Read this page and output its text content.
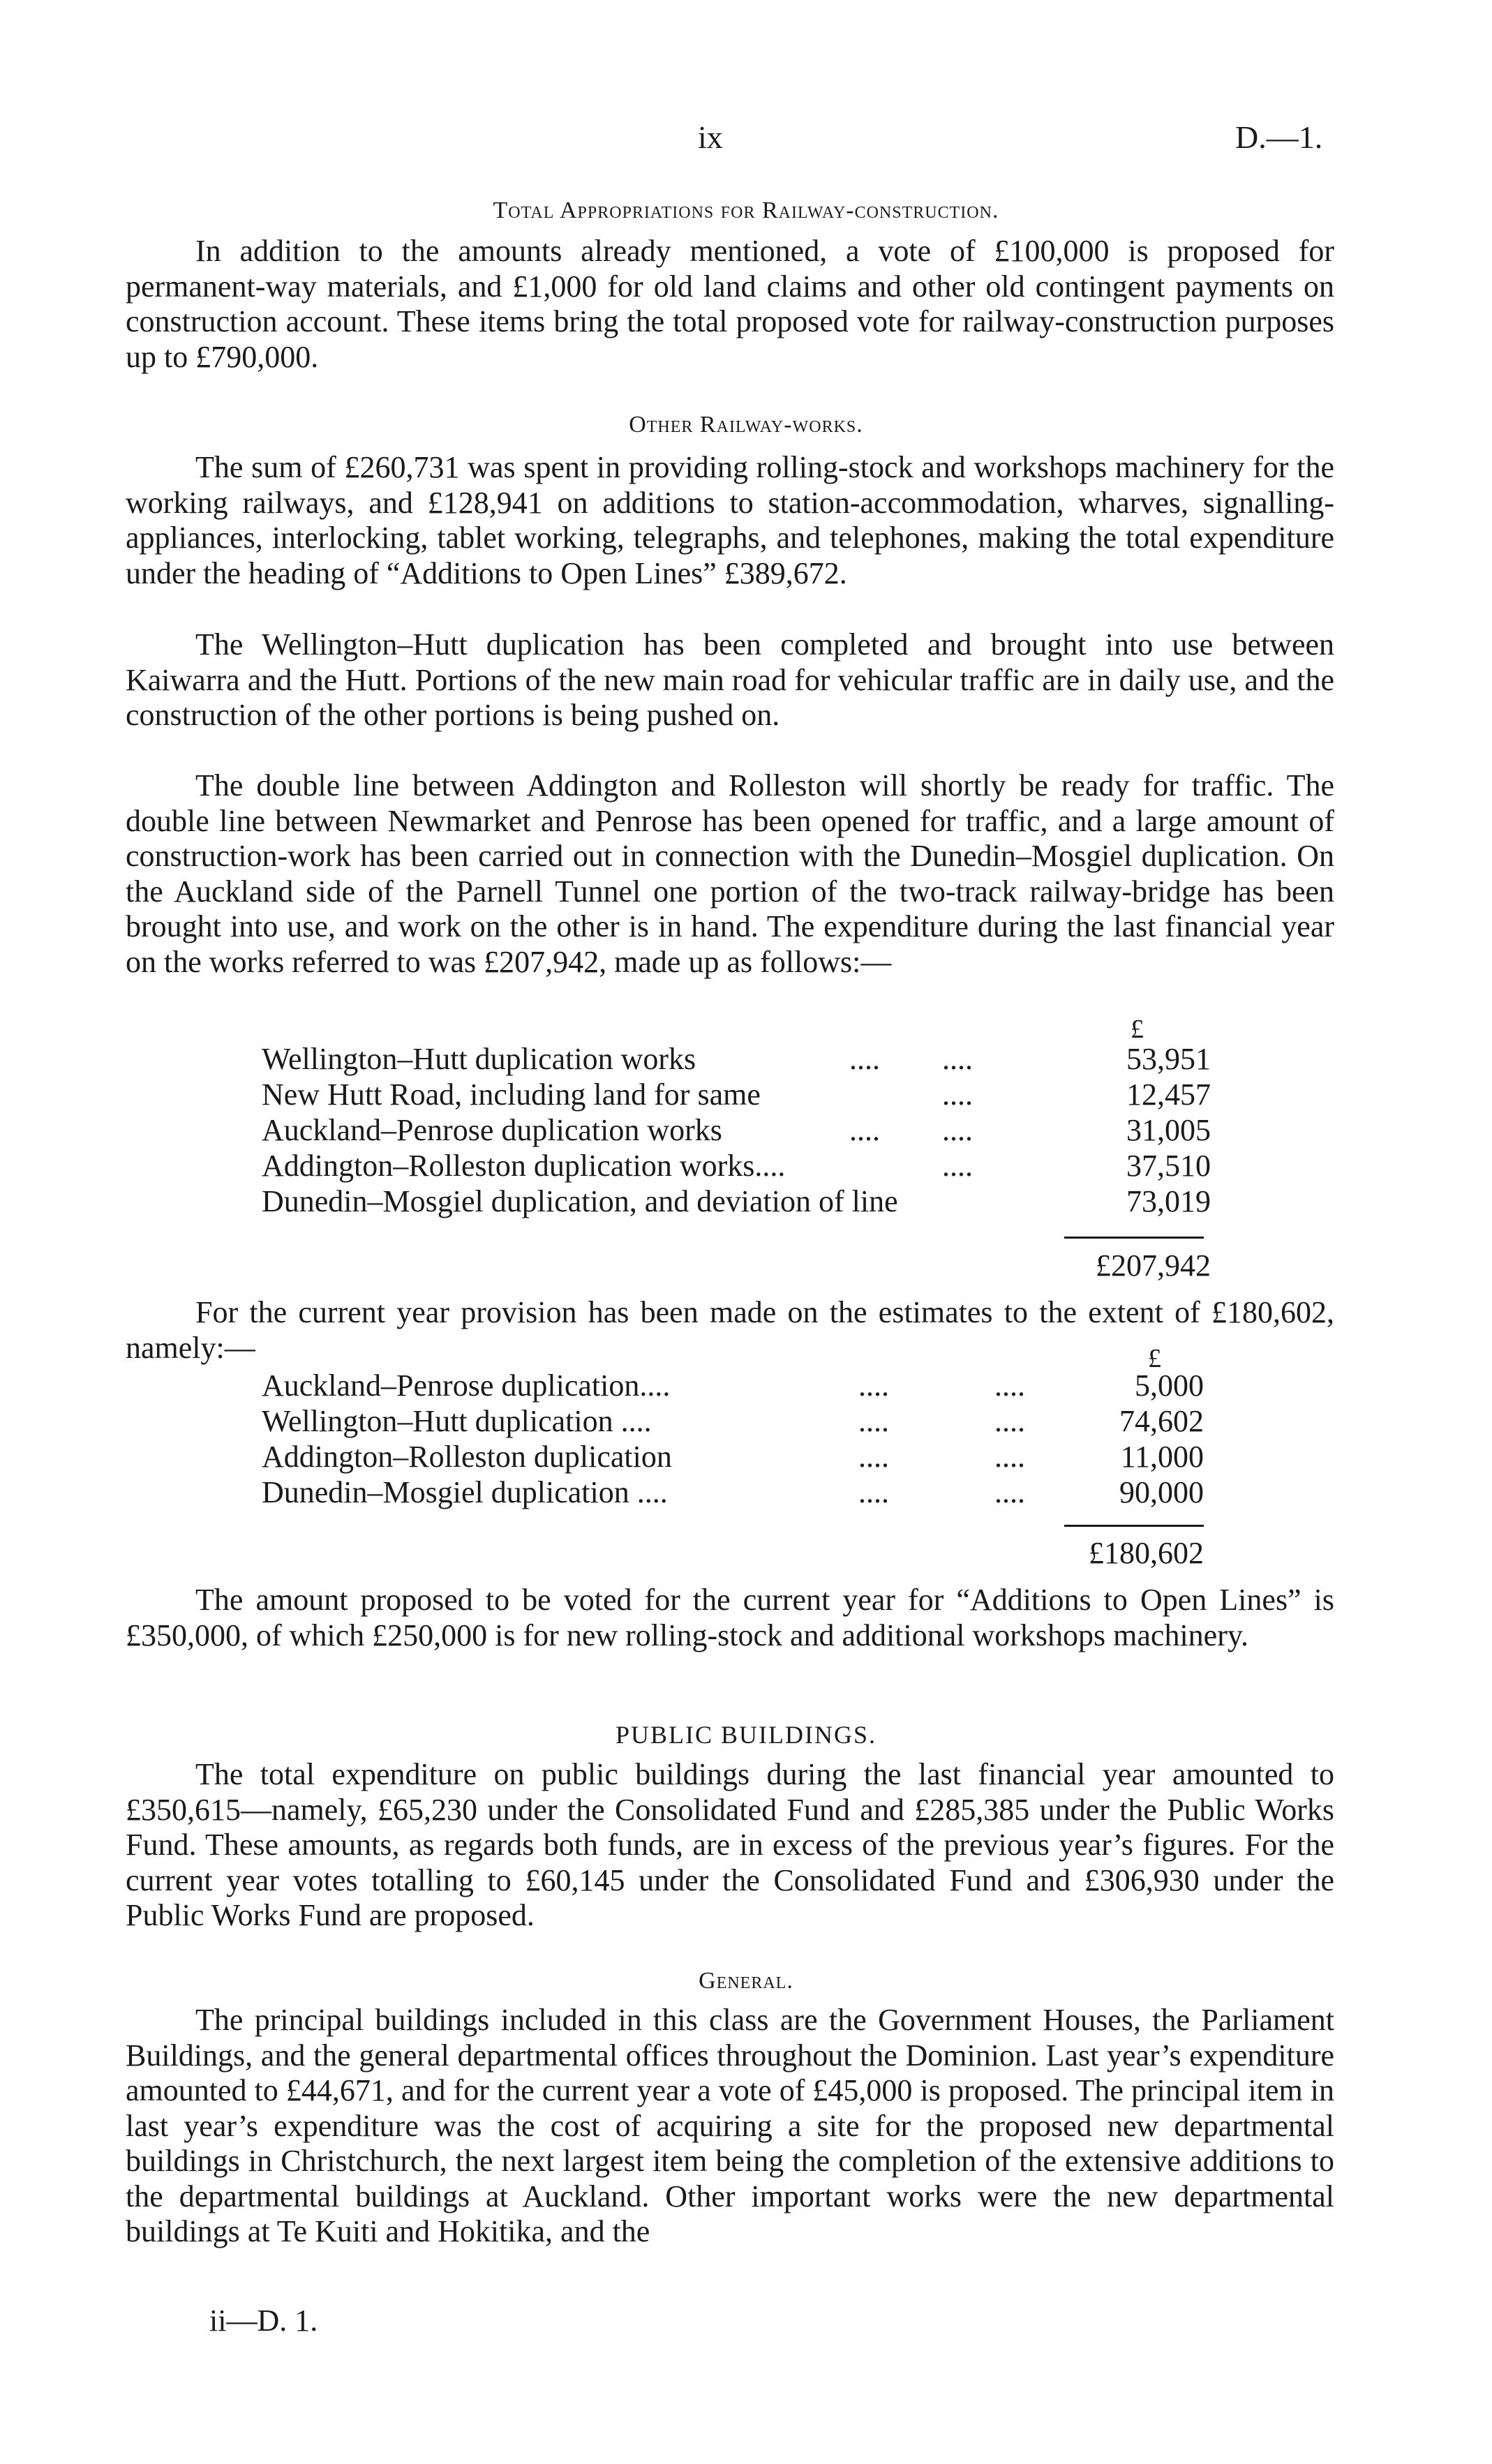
ix	D.—1.
Total Appropriations for Railway-construction.

In addition to the amounts already mentioned, a vote of £100,000 is proposed for permanent-way materials, and £1,000 for old land claims and other old contingent payments on construction account. These items bring the total proposed vote for railway-construction purposes up to £790,000.

Other Railway-works.

The sum of £260,731 was spent in providing rolling-stock and workshops machinery for the working railways, and £128,941 on additions to station-accommodation, wharves, signalling-appliances, interlocking, tablet working, telegraphs, and telephones, making the total expenditure under the heading of “Additions to Open Lines” £389,672.

The Wellington–Hutt duplication has been completed and brought into use between Kaiwarra and the Hutt. Portions of the new main road for vehicular traffic are in daily use, and the construction of the other portions is being pushed on.

The double line between Addington and Rolleston will shortly be ready for traffic. The double line between Newmarket and Penrose has been opened for traffic, and a large amount of construction-work has been carried out in connection with the Dunedin–Mosgiel duplication. On the Auckland side of the Parnell Tunnel one portion of the two-track railway-bridge has been brought into use, and work on the other is in hand. The expenditure during the last financial year on the works referred to was £207,942, made up as follows:—

£
Wellington–Hutt duplication works	.... ....	53,951
New Hutt Road, including land for same	....	12,457
Auckland–Penrose duplication works	.... ....	31,005
Addington–Rolleston duplication works....	....	37,510
Dunedin–Mosgiel duplication, and deviation of line	73,019
£207,942

For the current year provision has been made on the estimates to the extent of £180,602, namely:—	£
Auckland–Penrose duplication....	....	....	5,000
Wellington–Hutt duplication ....	....	....	74,602
Addington–Rolleston duplication	....	....	11,000
Dunedin–Mosgiel duplication ....	....	....	90,000
£180,602

The amount proposed to be voted for the current year for “Additions to Open Lines” is £350,000, of which £250,000 is for new rolling-stock and additional workshops machinery.

PUBLIC BUILDINGS.

The total expenditure on public buildings during the last financial year amounted to £350,615—namely, £65,230 under the Consolidated Fund and £285,385 under the Public Works Fund. These amounts, as regards both funds, are in excess of the previous year’s figures. For the current year votes totalling to £60,145 under the Consolidated Fund and £306,930 under the Public Works Fund are proposed.

General.

The principal buildings included in this class are the Government Houses, the Parliament Buildings, and the general departmental offices throughout the Dominion. Last year’s expenditure amounted to £44,671, and for the current year a vote of £45,000 is proposed. The principal item in last year’s expenditure was the cost of acquiring a site for the proposed new departmental buildings in Christchurch, the next largest item being the completion of the extensive additions to the departmental buildings at Auckland. Other important works were the new departmental buildings at Te Kuiti and Hokitika, and the

ii—D. 1.
